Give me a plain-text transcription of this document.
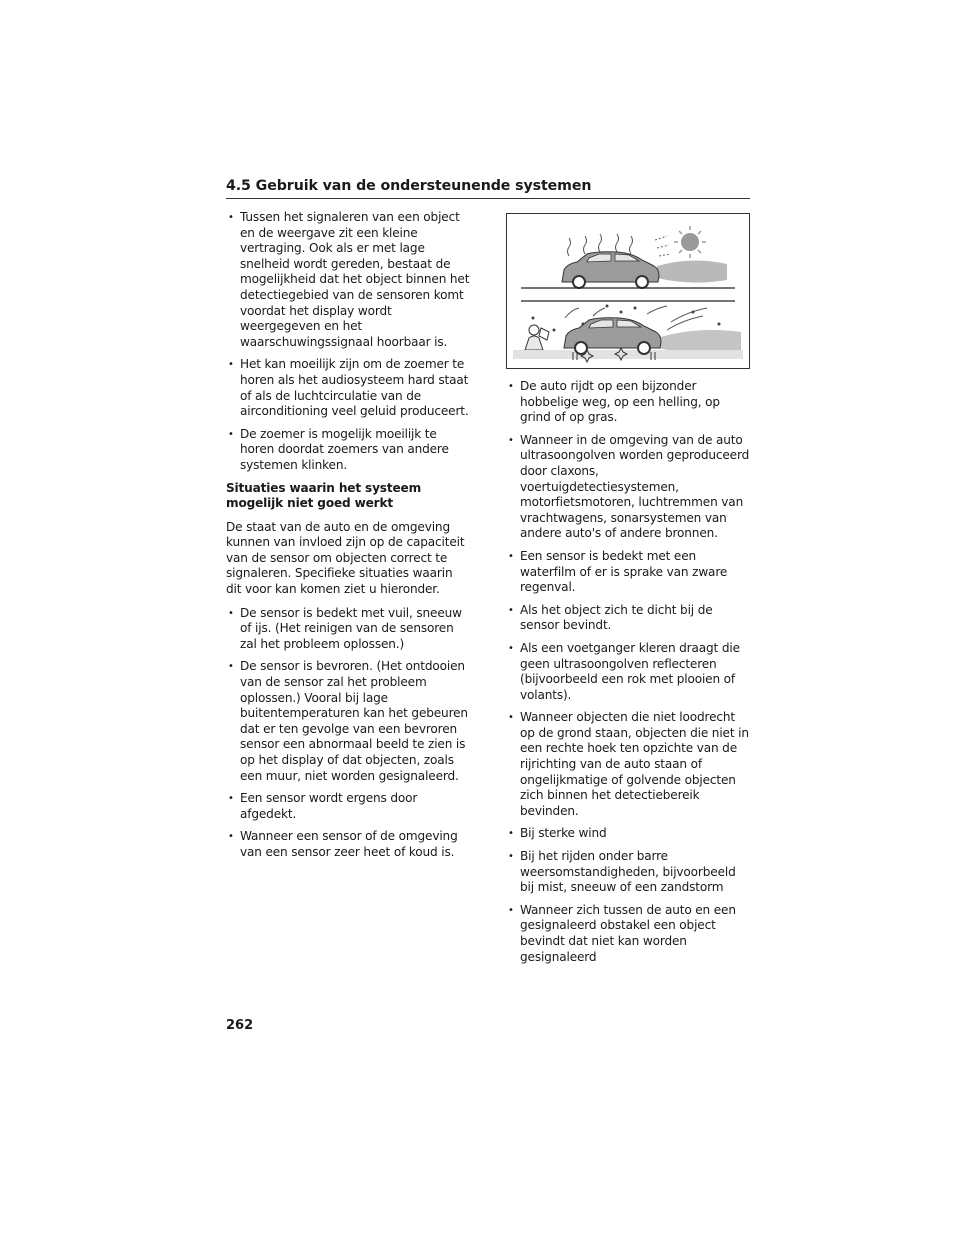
4.5 Gebruik van de ondersteunende systemen
• Tussen het signaleren van een object en de weergave zit een kleine vertraging. Ook als er met lage snelheid wordt gereden, bestaat de mogelijkheid dat het object binnen het detectiegebied van de sensoren komt voordat het display wordt weergegeven en het waarschuwingssignaal hoorbaar is.
• Het kan moeilijk zijn om de zoemer te horen als het audiosysteem hard staat of als de luchtcirculatie van de airconditioning veel geluid produceert.
• De zoemer is mogelijk moeilijk te horen doordat zoemers van andere systemen klinken.
Situaties waarin het systeem mogelijk niet goed werkt

De staat van de auto en de omgeving kunnen van invloed zijn op de capaciteit van de sensor om objecten correct te signaleren. Specifieke situaties waarin dit voor kan komen ziet u hieronder.

• De sensor is bedekt met vuil, sneeuw of ijs. (Het reinigen van de sensoren zal het probleem oplossen.)
• De sensor is bevroren. (Het ontdooien van de sensor zal het probleem oplossen.) Vooral bij lage buitentemperaturen kan het gebeuren dat er ten gevolge van een bevroren sensor een abnormaal beeld te zien is op het display of dat objecten, zoals een muur, niet worden gesignaleerd.
• Een sensor wordt ergens door afgedekt.
• Wanneer een sensor of de omgeving van een sensor zeer heet of koud is.
• De auto rijdt op een bijzonder hobbelige weg, op een helling, op grind of op gras.
• Wanneer in de omgeving van de auto ultrasoongolven worden geproduceerd door claxons, voertuigdetectiesystemen, motorfietsmotoren, luchtremmen van vrachtwagens, sonarsystemen van andere auto's of andere bronnen.
• Een sensor is bedekt met een waterfilm of er is sprake van zware regenval.
• Als het object zich te dicht bij de sensor bevindt.
• Als een voetganger kleren draagt die geen ultrasoongolven reflecteren (bijvoorbeeld een rok met plooien of volants).
• Wanneer objecten die niet loodrecht op de grond staan, objecten die niet in een rechte hoek ten opzichte van de rijrichting van de auto staan of ongelijkmatige of golvende objecten zich binnen het detectiebereik bevinden.
• Bij sterke wind
• Bij het rijden onder barre weersomstandigheden, bijvoorbeeld bij mist, sneeuw of een zandstorm
• Wanneer zich tussen de auto en een gesignaleerd obstakel een object bevindt dat niet kan worden gesignaleerd
262
